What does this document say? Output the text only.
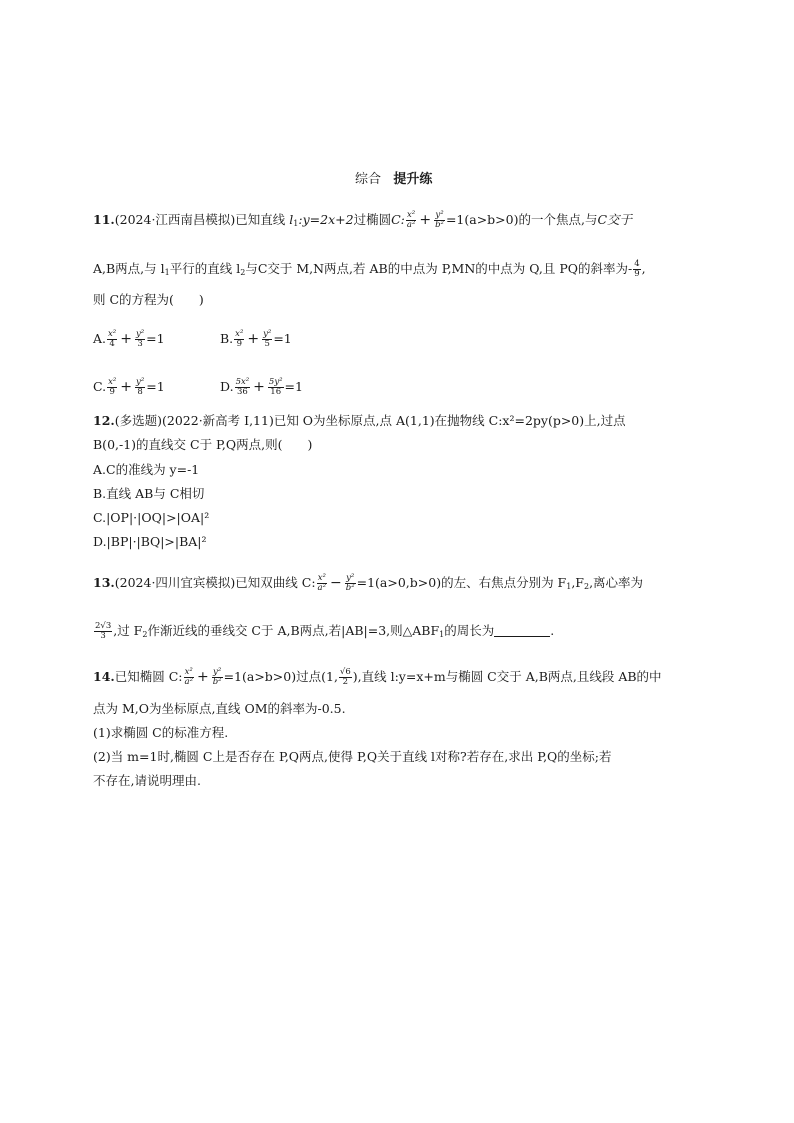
综合 提升练
11.(2024·江西南昌模拟)已知直线 $l_1:y=2x+2$过椭圆C: $\frac{\text{x²}}{\text{a²}} + \frac{\text{y²}}{\text{b²}} =1(a>b>0)$的一个焦点,与C交于
A,B两点,与 $l_1$平行的直线 $l_2$与C交于 M,N两点,若 AB的中点为 P,MN的中点为 Q,且 PQ的斜率为- $\frac{4}{9}$ ,
则 C的方程为(　　)
A. $\frac{\text{x²}}{4} + \frac{\text{y²}}{3} =1$	B. $\frac{\text{x²}}{9} + \frac{\text{y²}}{5} =1$
C. $\frac{\text{x²}}{9} + \frac{\text{y²}}{8} =1$	D. $\frac{\text{5x²}}{36} + \frac{\text{5y²}}{16} =1$
12.(多选题)(2022·新高考 Ⅰ,11)已知 O为坐标原点,点 A(1,1)在抛物线 C:x²=2py(p>0)上,过点
B(0,-1)的直线交 C于 P,Q两点,则(　　)
A.C的准线为 y=-1
B.直线 AB与 C相切
C.|OP|·|OQ|>|OA|²
D.|BP|·|BQ|>|BA|²
13.(2024·四川宜宾模拟)已知双曲线 C: $\frac{\text{x²}}{\text{a²}} - \frac{\text{y²}}{\text{b²}} =1(a>0,b>0)$的左、右焦点分别为 $F_1,F_2$,离心率为
$\frac{2√3}{3}$ ,过 $F_2$作渐近线的垂线交 C于 A,B两点,若|AB|=3,则$\triangle ABF_1$的周长为	.
14.已知椭圆 C: $\frac{\text{x²}}{\text{a²}} + \frac{\text{y²}}{\text{b²}} =1(a>b>0)$过点(1, $\frac{√6}{2}$ ),直线 l:y=x+m与椭圆 C交于 A,B两点,且线段 AB的中
点为 M,O为坐标原点,直线 OM的斜率为-0.5.
(1)求椭圆 C的标准方程.
(2)当 m=1时,椭圆 C上是否存在 P,Q两点,使得 P,Q关于直线 l对称?若存在,求出 P,Q的坐标;若
不存在,请说明理由.
